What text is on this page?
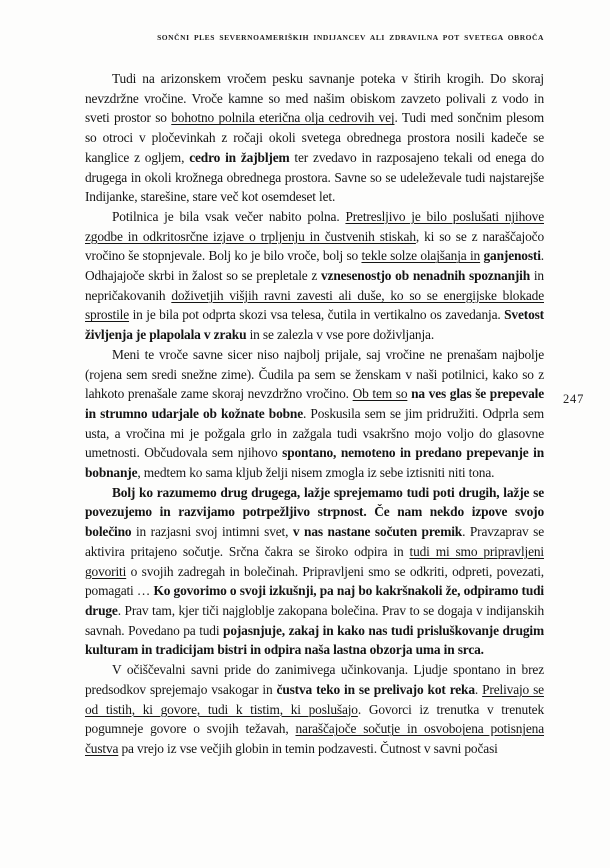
SONČNI PLES SEVERNOAMERIŠKIH INDIJANCEV ALI ZDRAVILNA POT SVETEGA OBROČA

Tudi na arizonskem vročem pesku savnanje poteka v štirih krogih. Do skoraj nevzdržne vročine. Vroče kamne so med našim obiskom zavzeto polivali z vodo in sveti prostor so bohotno polnila eterična olja cedrovih vej. Tudi med sončnim plesom so otroci v pločevinkah z ročaji okoli svetega obrednega prostora nosili kadeče se kanglice z ogljem, cedro in žajbljem ter zvedavo in razposajeno tekali od enega do drugega in okoli krožnega obrednega prostora. Savne so se udeleževale tudi najstarejše Indijanke, starešine, stare več kot osemdeset let.

Potilnica je bila vsak večer nabito polna. Pretresljivo je bilo poslušati njihove zgodbe in odkritosrčne izjave o trpljenju in čustvenih stiskah, ki so se z naraščajočo vročino še stopnjevale. Bolj ko je bilo vroče, bolj so tekle solze olajšanja in ganjenosti. Odhajajoče skrbi in žalost so se prepletale z vznesenostjo ob nenadnih spoznanjih in nepričakovanih doživetjih višjih ravni zavesti ali duše, ko so se energijske blokade sprostile in je bila pot odprta skozi vsa telesa, čutila in vertikalno os zavedanja. Svetost življenja je plapolala v zraku in se zalezla v vse pore doživljanja.

Meni te vroče savne sicer niso najbolj prijale, saj vročine ne prenašam najbolje (rojena sem sredi snežne zime). Čudila pa sem se ženskam v naši potilnici, kako so z lahkoto prenašale zame skoraj nevzdržno vročino. Ob tem so na ves glas še prepevale in strumno udarjale ob kožnate bobne. Poskusila sem se jim pridružiti. Odprla sem usta, a vročina mi je požgala grlo in zažgala tudi vsakršno mojo voljo do glasovne umetnosti. Občudovala sem njihovo spontano, nemoteno in predano prepevanje in bobnanje, medtem ko sama kljub želji nisem zmogla iz sebe iztisniti niti tona.

Bolj ko razumemo drug drugega, lažje sprejemamo tudi poti drugih, lažje se povezujemo in razvijamo potrpežljivo strpnost. Če nam nekdo izpove svojo bolečino in razjasni svoj intimni svet, v nas nastane sočuten premik. Pravzaprav se aktivira pritajeno sočutje. Srčna čakra se široko odpira in tudi mi smo pripravljeni govoriti o svojih zadregah in bolečinah. Pripravljeni smo se odkriti, odpreti, povezati, pomagati … Ko govorimo o svoji izkušnji, pa naj bo kakršnakoli že, odpiramo tudi druge. Prav tam, kjer tiči najgloblje zakopana bolečina. Prav to se dogaja v indijanskih savnah. Povedano pa tudi pojasnjuje, zakaj in kako nas tudi prisluškovanje drugim kulturam in tradicijam bistri in odpira naša lastna obzorja uma in srca.

V očiščevalni savni pride do zanimivega učinkovanja. Ljudje spontano in brez predsodkov sprejemajo vsakogar in čustva teko in se prelivajo kot reka. Prelivajo se od tistih, ki govore, tudi k tistim, ki poslušajo. Govorci iz trenutka v trenutek pogumneje govore o svojih težavah, naraščajoče sočutje in osvobojena potisnjena čustva pa vrejo iz vse večjih globin in temin podzavesti. Čutnost v savni počasi

247
